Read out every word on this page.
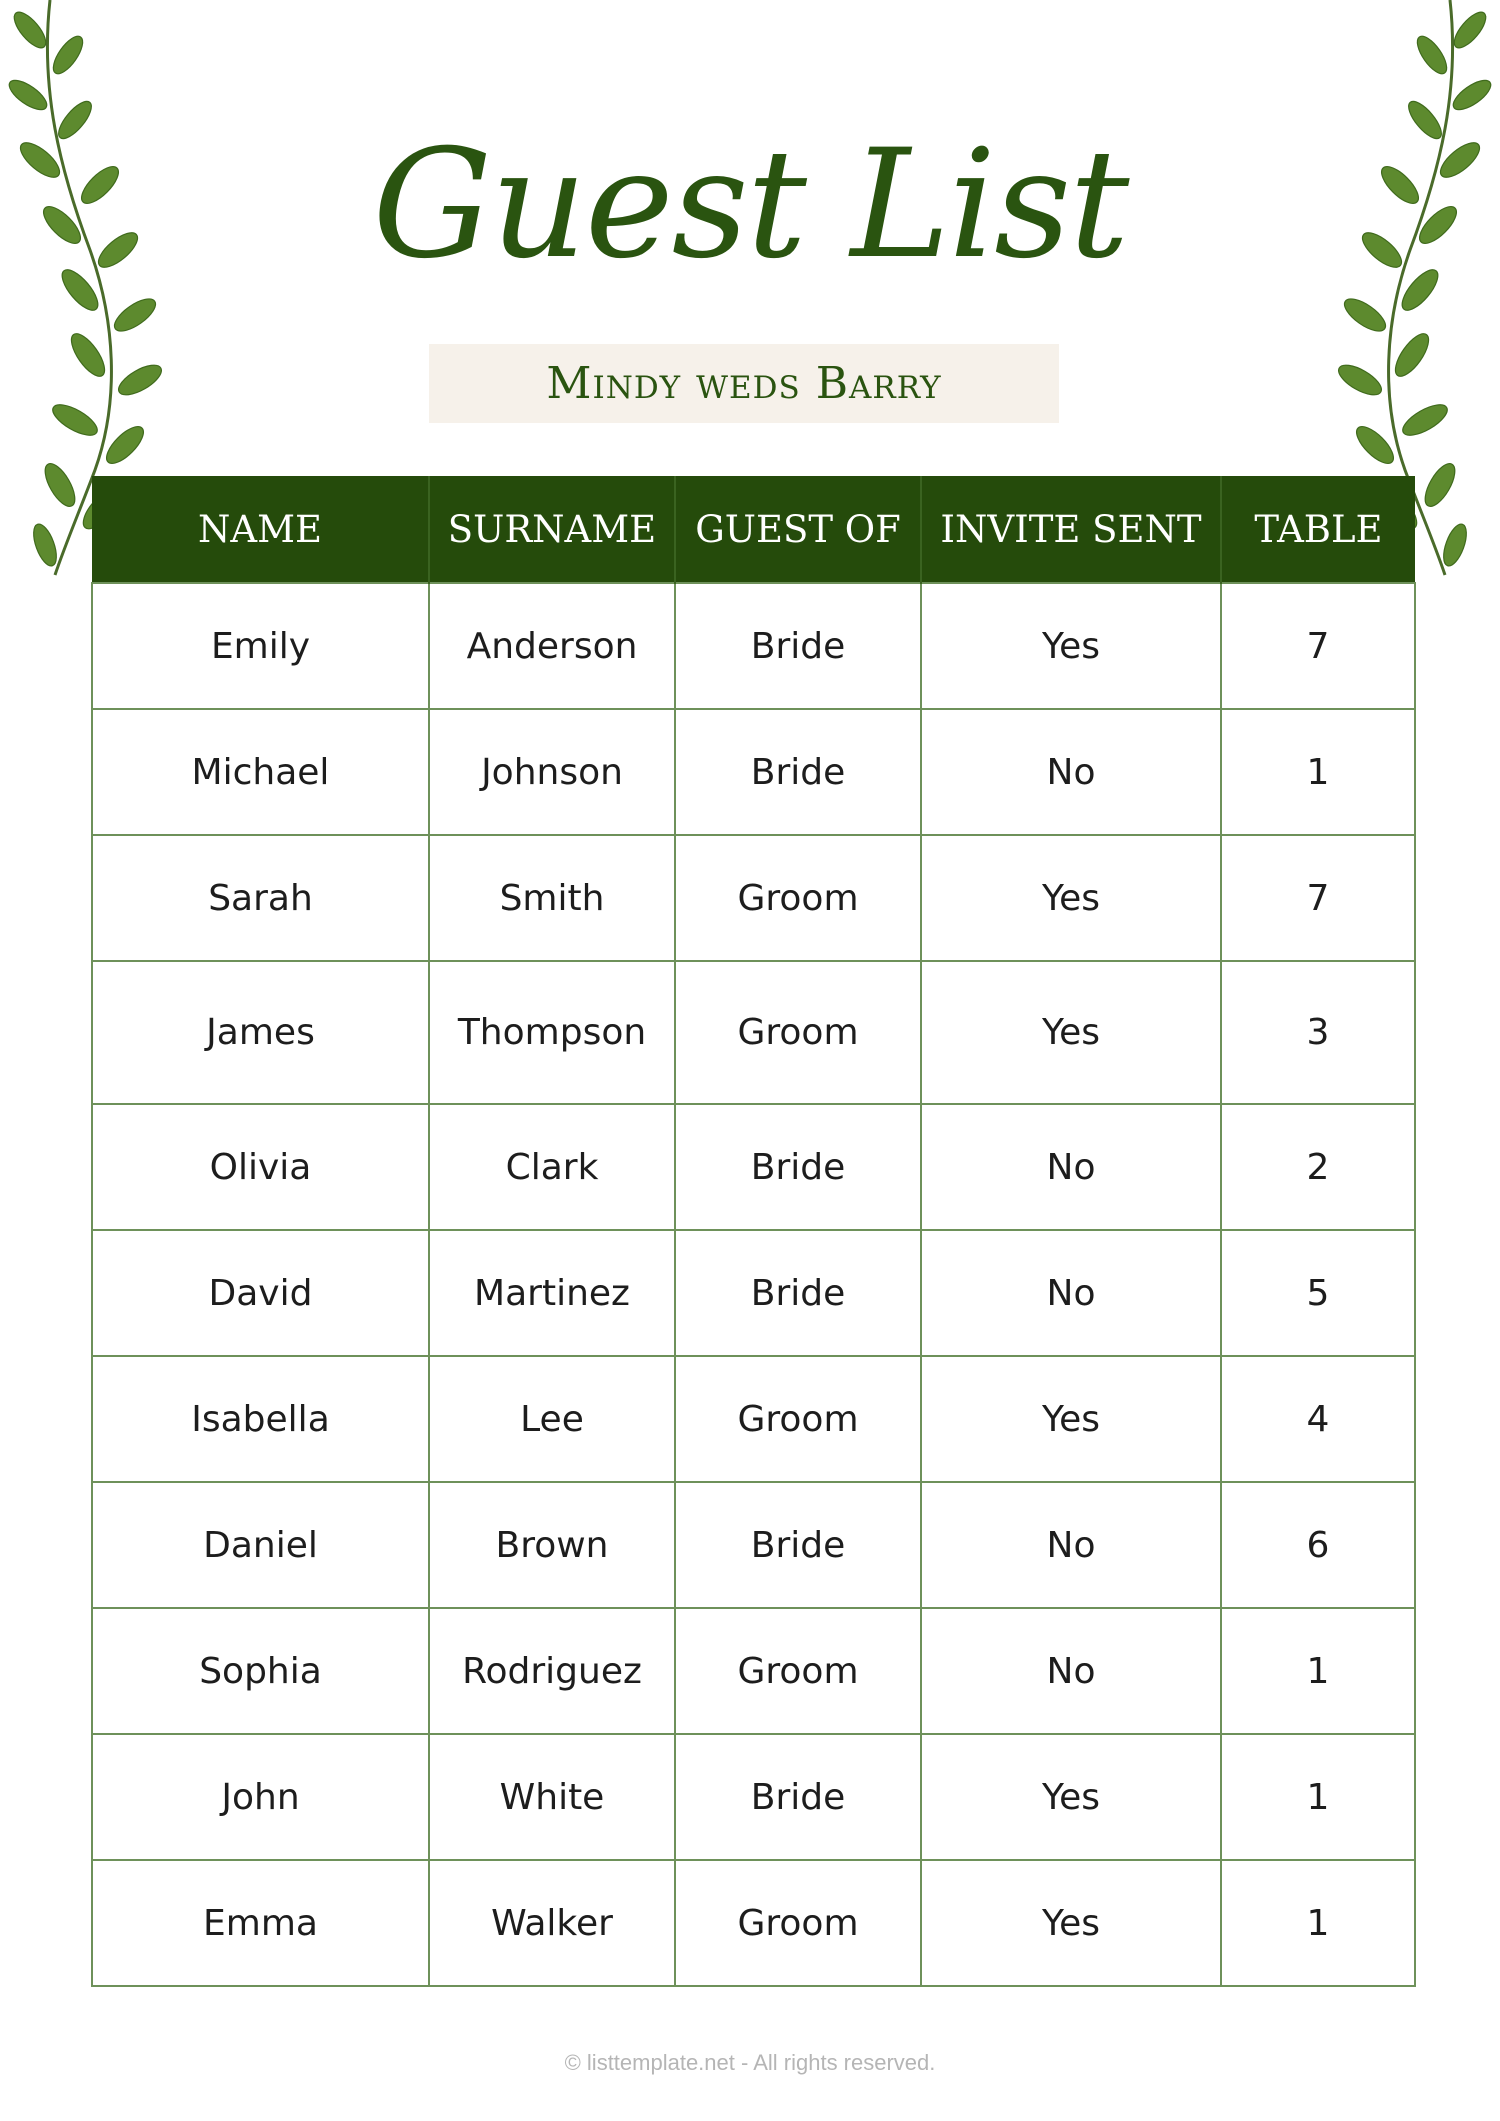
Guest List
Mindy weds Barry
NAME	SURNAME	GUEST OF	INVITE SENT	TABLE
Emily	Anderson	Bride	Yes	7
Michael	Johnson	Bride	No	1
Sarah	Smith	Groom	Yes	7
James	Thompson	Groom	Yes	3
Olivia	Clark	Bride	No	2
David	Martinez	Bride	No	5
Isabella	Lee	Groom	Yes	4
Daniel	Brown	Bride	No	6
Sophia	Rodriguez	Groom	No	1
John	White	Bride	Yes	1
Emma	Walker	Groom	Yes	1
© listtemplate.net - All rights reserved.
